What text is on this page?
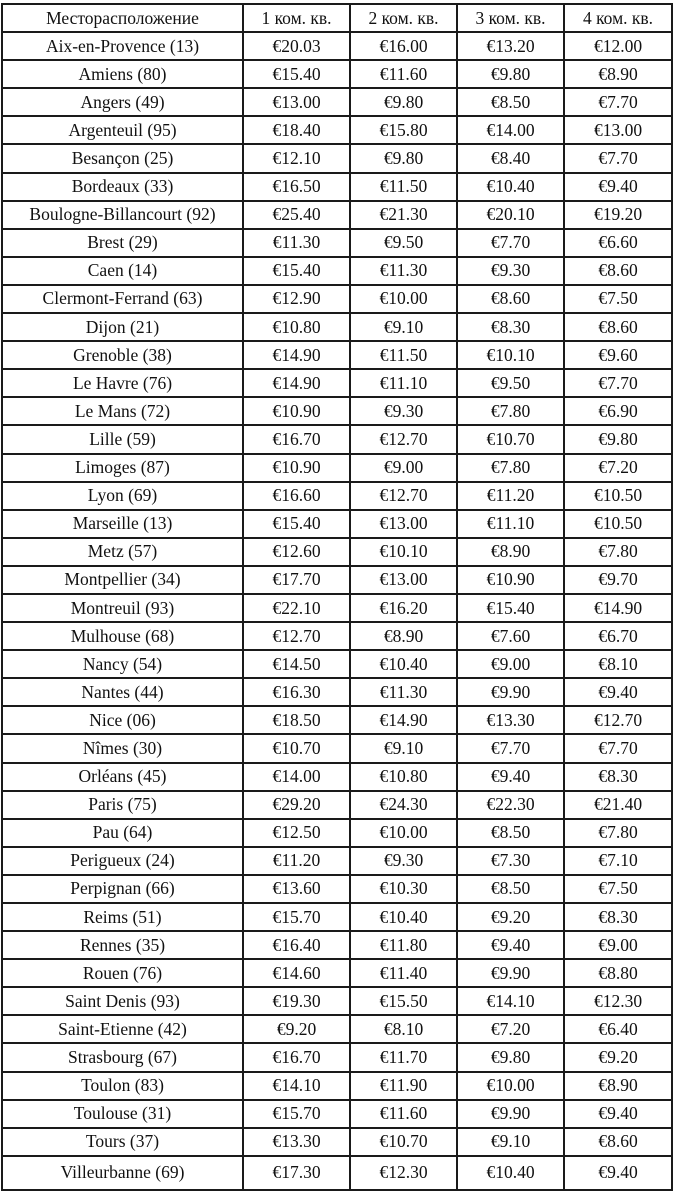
Месторасположение	1 ком. кв.	2 ком. кв.	3 ком. кв.	4 ком. кв.
Aix-en-Provence (13)	€20.03	€16.00	€13.20	€12.00
Amiens (80)	€15.40	€11.60	€9.80	€8.90
Angers (49)	€13.00	€9.80	€8.50	€7.70
Argenteuil (95)	€18.40	€15.80	€14.00	€13.00
Besançon (25)	€12.10	€9.80	€8.40	€7.70
Bordeaux (33)	€16.50	€11.50	€10.40	€9.40
Boulogne-Billancourt (92)	€25.40	€21.30	€20.10	€19.20
Brest (29)	€11.30	€9.50	€7.70	€6.60
Caen (14)	€15.40	€11.30	€9.30	€8.60
Clermont-Ferrand (63)	€12.90	€10.00	€8.60	€7.50
Dijon (21)	€10.80	€9.10	€8.30	€8.60
Grenoble (38)	€14.90	€11.50	€10.10	€9.60
Le Havre (76)	€14.90	€11.10	€9.50	€7.70
Le Mans (72)	€10.90	€9.30	€7.80	€6.90
Lille (59)	€16.70	€12.70	€10.70	€9.80
Limoges (87)	€10.90	€9.00	€7.80	€7.20
Lyon (69)	€16.60	€12.70	€11.20	€10.50
Marseille (13)	€15.40	€13.00	€11.10	€10.50
Metz (57)	€12.60	€10.10	€8.90	€7.80
Montpellier (34)	€17.70	€13.00	€10.90	€9.70
Montreuil (93)	€22.10	€16.20	€15.40	€14.90
Mulhouse (68)	€12.70	€8.90	€7.60	€6.70
Nancy (54)	€14.50	€10.40	€9.00	€8.10
Nantes (44)	€16.30	€11.30	€9.90	€9.40
Nice (06)	€18.50	€14.90	€13.30	€12.70
Nîmes (30)	€10.70	€9.10	€7.70	€7.70
Orléans (45)	€14.00	€10.80	€9.40	€8.30
Paris (75)	€29.20	€24.30	€22.30	€21.40
Pau (64)	€12.50	€10.00	€8.50	€7.80
Perigueux (24)	€11.20	€9.30	€7.30	€7.10
Perpignan (66)	€13.60	€10.30	€8.50	€7.50
Reims (51)	€15.70	€10.40	€9.20	€8.30
Rennes (35)	€16.40	€11.80	€9.40	€9.00
Rouen (76)	€14.60	€11.40	€9.90	€8.80
Saint Denis (93)	€19.30	€15.50	€14.10	€12.30
Saint-Etienne (42)	€9.20	€8.10	€7.20	€6.40
Strasbourg (67)	€16.70	€11.70	€9.80	€9.20
Toulon (83)	€14.10	€11.90	€10.00	€8.90
Toulouse (31)	€15.70	€11.60	€9.90	€9.40
Tours (37)	€13.30	€10.70	€9.10	€8.60
Villeurbanne (69)	€17.30	€12.30	€10.40	€9.40
